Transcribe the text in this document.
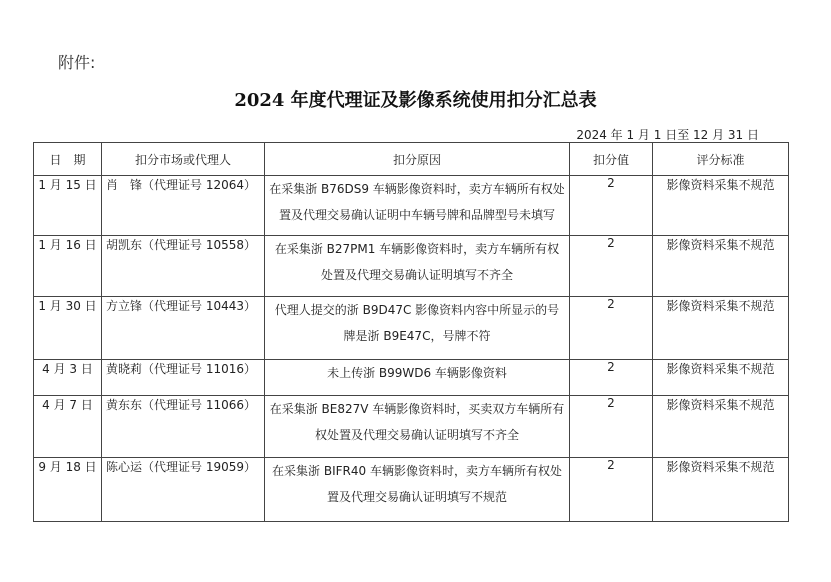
附件:
2024 年度代理证及影像系统使用扣分汇总表
2024 年 1 月 1 日至 12 月 31 日
日　期	扣分市场或代理人	扣分原因	扣分值	评分标准
1 月 15 日	肖　锋（代理证号 12064）	在采集浙 B76DS9 车辆影像资料时，卖方车辆所有权处置及代理交易确认证明中车辆号牌和品牌型号未填写	2	影像资料采集不规范
1 月 16 日	胡凯东（代理证号 10558）	在采集浙 B27PM1 车辆影像资料时，卖方车辆所有权处置及代理交易确认证明填写不齐全	2	影像资料采集不规范
1 月 30 日	方立锋（代理证号 10443）	代理人提交的浙 B9D47C 影像资料内容中所显示的号牌是浙 B9E47C，号牌不符	2	影像资料采集不规范
4 月 3 日	黄晓莉（代理证号 11016）	未上传浙 B99WD6 车辆影像资料	2	影像资料采集不规范
4 月 7 日	黄东东（代理证号 11066）	在采集浙 BE827V 车辆影像资料时，买卖双方车辆所有权处置及代理交易确认证明填写不齐全	2	影像资料采集不规范
9 月 18 日	陈心运（代理证号 19059）	在采集浙 BIFR40 车辆影像资料时，卖方车辆所有权处置及代理交易确认证明填写不规范	2	影像资料采集不规范
